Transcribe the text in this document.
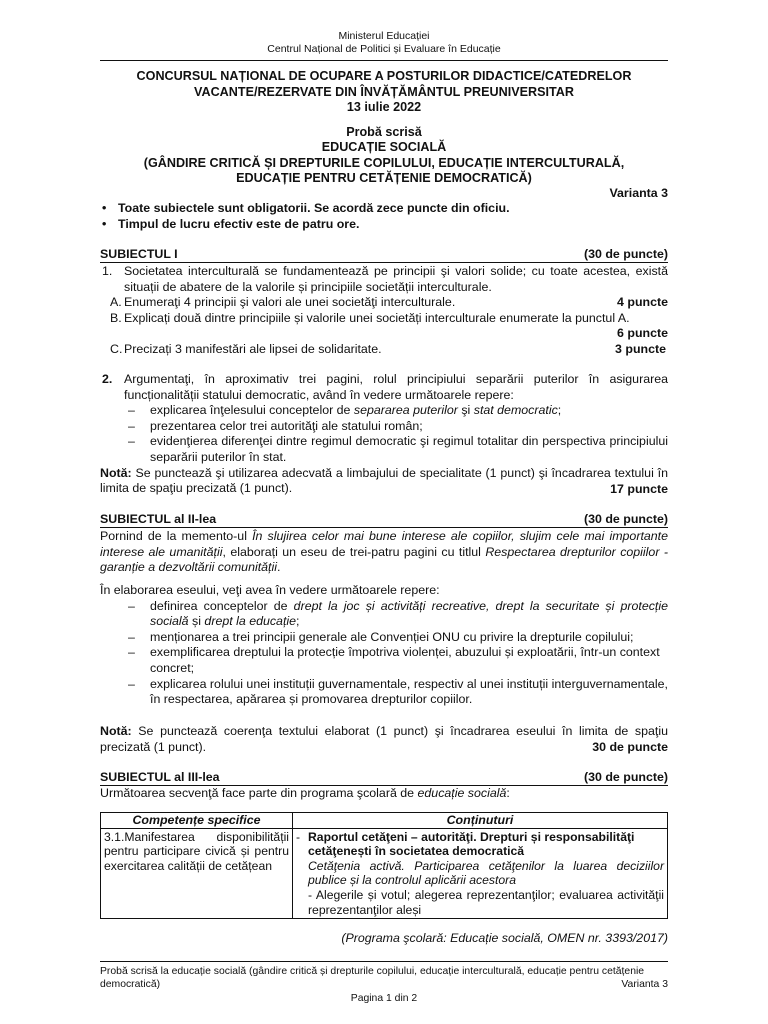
Ministerul Educației
Centrul Național de Politici și Evaluare în Educație
CONCURSUL NAȚIONAL DE OCUPARE A POSTURILOR DIDACTICE/CATEDRELOR
VACANTE/REZERVATE DIN ÎNVĂȚĂMÂNTUL PREUNIVERSITAR
13 iulie 2022
Probă scrisă
EDUCAȚIE SOCIALĂ
(GÂNDIRE CRITICĂ ȘI DREPTURILE COPILULUI, EDUCAȚIE INTERCULTURALĂ,
EDUCAȚIE PENTRU CETĂȚENIE DEMOCRATICĂ)
Varianta 3
• Toate subiectele sunt obligatorii. Se acordă zece puncte din oficiu.
• Timpul de lucru efectiv este de patru ore.
SUBIECTUL I	(30 de puncte)
1. Societatea interculturală se fundamentează pe principii şi valori solide; cu toate acestea, există situații de abatere de la valorile și principiile societății interculturale.
A. Enumeraţi 4 principii şi valori ale unei societăţi interculturale.	4 puncte
B. Explicați două dintre principiile și valorile unei societăți interculturale enumerate la punctul A.
6 puncte
C. Precizați 3 manifestări ale lipsei de solidaritate.	3 puncte
2. Argumentaţi, în aproximativ trei pagini, rolul principiului separării puterilor în asigurarea funcționalității statului democratic, având în vedere următoarele repere:
– explicarea înţelesului conceptelor de separarea puterilor şi stat democratic;
– prezentarea celor trei autorităţi ale statului român;
– evidenţierea diferenţei dintre regimul democratic şi regimul totalitar din perspectiva principiului separării puterilor în stat.
Notă: Se punctează şi utilizarea adecvată a limbajului de specialitate (1 punct) şi încadrarea textului în limita de spaţiu precizată (1 punct).	17 puncte
SUBIECTUL al II-lea	(30 de puncte)
Pornind de la memento-ul În slujirea celor mai bune interese ale copiilor, slujim cele mai importante interese ale umanității, elaborați un eseu de trei-patru pagini cu titlul Respectarea drepturilor copiilor - garanție a dezvoltării comunității.
În elaborarea eseului, veţi avea în vedere următoarele repere:
– definirea conceptelor de drept la joc și activități recreative, drept la securitate și protecție socială și drept la educație;
– menționarea a trei principii generale ale Convenției ONU cu privire la drepturile copilului;
– exemplificarea dreptului la protecție împotriva violenței, abuzului și exploatării, într-un context concret;
– explicarea rolului unei instituții guvernamentale, respectiv al unei instituții interguvernamentale, în respectarea, apărarea și promovarea drepturilor copiilor.
Notă: Se punctează coerenţa textului elaborat (1 punct) şi încadrarea eseului în limita de spaţiu precizată (1 punct).	30 de puncte
SUBIECTUL al III-lea	(30 de puncte)
Următoarea secvenţă face parte din programa şcolară de educație socială:
Competențe specifice	Conținuturi
3.1.Manifestarea disponibilității pentru participare civică și pentru exercitarea calității de cetățean	- Raportul cetăţeni – autorităţi. Drepturi și responsabilităţi cetăţenești în societatea democratică
Cetăţenia activă. Participarea cetăţenilor la luarea deciziilor publice și la controlul aplicării acestora
- Alegerile și votul; alegerea reprezentanţilor; evaluarea activităţii reprezentanţilor aleși
(Programa şcolară: Educație socială, OMEN nr. 3393/2017)
Probă scrisă la educație socială (gândire critică și drepturile copilului, educație interculturală, educație pentru cetățenie democratică)	Varianta 3
Pagina 1 din 2
